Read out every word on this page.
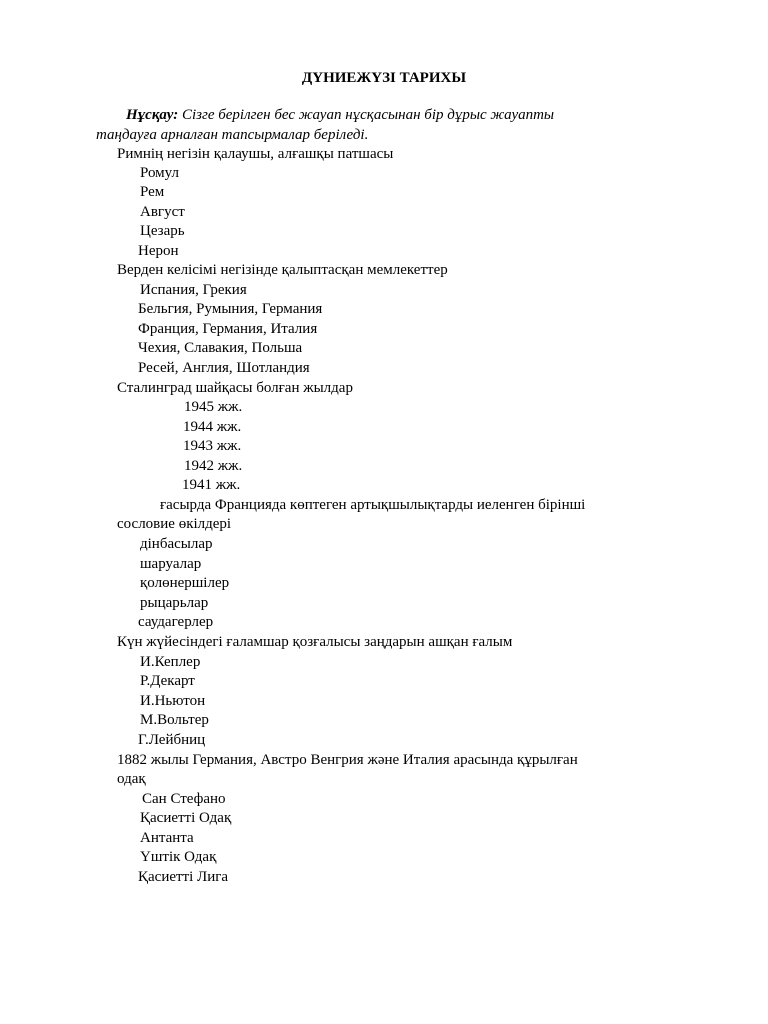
ДҮНИЕЖҮЗІ ТАРИХЫ
Нұсқау: Сізге берілген бес жауап нұсқасынан бір дұрыс жауапты
таңдауға арналған тапсырмалар беріледі.
Римнің негізін қалаушы, алғашқы патшасы
Ромул
Рем
Август
Цезарь
Нерон
Верден келісімі негізінде қалыптасқан мемлекеттер
Испания, Грекия
Бельгия, Румыния, Германия
Франция, Германия, Италия
Чехия, Славакия, Польша
Ресей, Англия, Шотландия
Сталинград шайқасы болған жылдар
1945 жж.
1944 жж.
1943 жж.
1942 жж.
1941 жж.
ғасырда Францияда көптеген артықшылықтарды иеленген бірінші
сословие өкілдері
дінбасылар
шаруалар
қолөнершілер
рыцарьлар
саудагерлер
Күн жүйесіндегі ғаламшар қозғалысы заңдарын ашқан ғалым
И.Кеплер
Р.Декарт
И.Ньютон
М.Вольтер
Г.Лейбниц
1882 жылы Германия, Австро Венгрия және Италия арасында құрылған
одақ
Сан Стефано
Қасиетті Одақ
Антанта
Үштік Одақ
Қасиетті Лига
